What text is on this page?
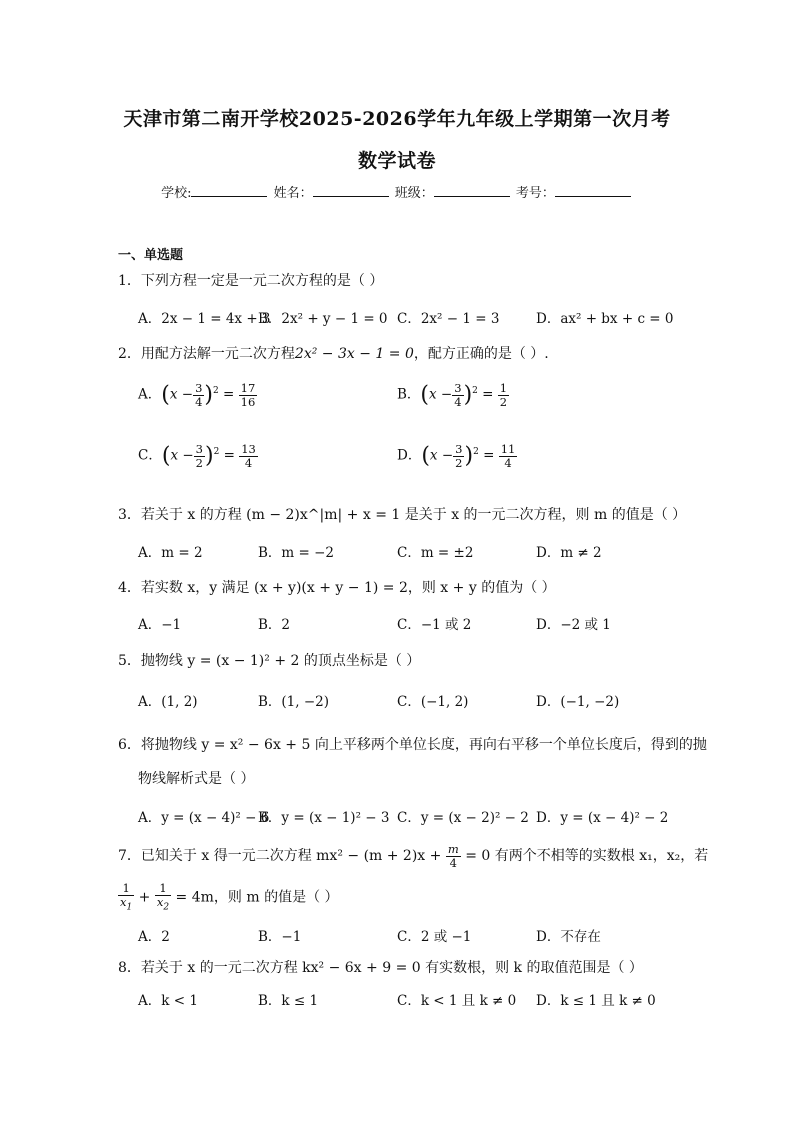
天津市第二南开学校2025-2026学年九年级上学期第一次月考
数学试卷
学校:	姓名：	班级：	考号：
一、单选题
1．下列方程一定是一元二次方程的是（ ）
A．2x − 1 = 4x + 3
B．2x² + y − 1 = 0 C．2x² − 1 = 3	D．ax² + bx + c = 0
2．用配方法解一元二次方程2x² − 3x − 1 = 0，配方正确的是（ ）.
A．$(x - \frac{3}{4} )^2 = \frac{17}{16}$	B．$(x - \frac{3}{4} )^2 = \frac{1}{2}$
C．$(x - \frac{3}{2} )^2 = \frac{13}{4}$	D．$(x - \frac{3}{2} )^2 = \frac{11}{4}$
3．若关于 x 的方程 (m − 2)x^|m| + x = 1 是关于 x 的一元二次方程，则 m 的值是（ ）
A．m = 2	B．m = −2	C．m = ±2	D．m ≠ 2
4．若实数 x，y 满足 (x + y)(x + y − 1) = 2，则 x + y 的值为（ ）
A．−1	B．2	C．−1 或 2	D．−2 或 1
5．抛物线 y = (x − 1)² + 2 的顶点坐标是（ ）
A．(1, 2)	B．(1, −2)	C．(−1, 2)	D．(−1, −2)
6．将抛物线 y = x² − 6x + 5 向上平移两个单位长度，再向右平移一个单位长度后，得到的抛
物线解析式是（ ）
A．y = (x − 4)² − 6
B．y = (x − 1)² − 3 C．y = (x − 2)² − 2 D．y = (x − 4)² − 2
7．已知关于 x 得一元二次方程 $mx^2 - (m + 2)x + \frac{m}{4} = 0$ 有两个不相等的实数根 x₁，x₂，若
$\frac{1}{x_1} + \frac{1}{x_2} = 4m$，则 m 的值是（ ）
A．2	B．−1	C．2 或 −1	D．不存在
8．若关于 x 的一元二次方程 kx² − 6x + 9 = 0 有实数根，则 k 的取值范围是（ ）
A．k < 1	B．k ≤ 1	C．k < 1 且 k ≠ 0 D．k ≤ 1 且 k ≠ 0
